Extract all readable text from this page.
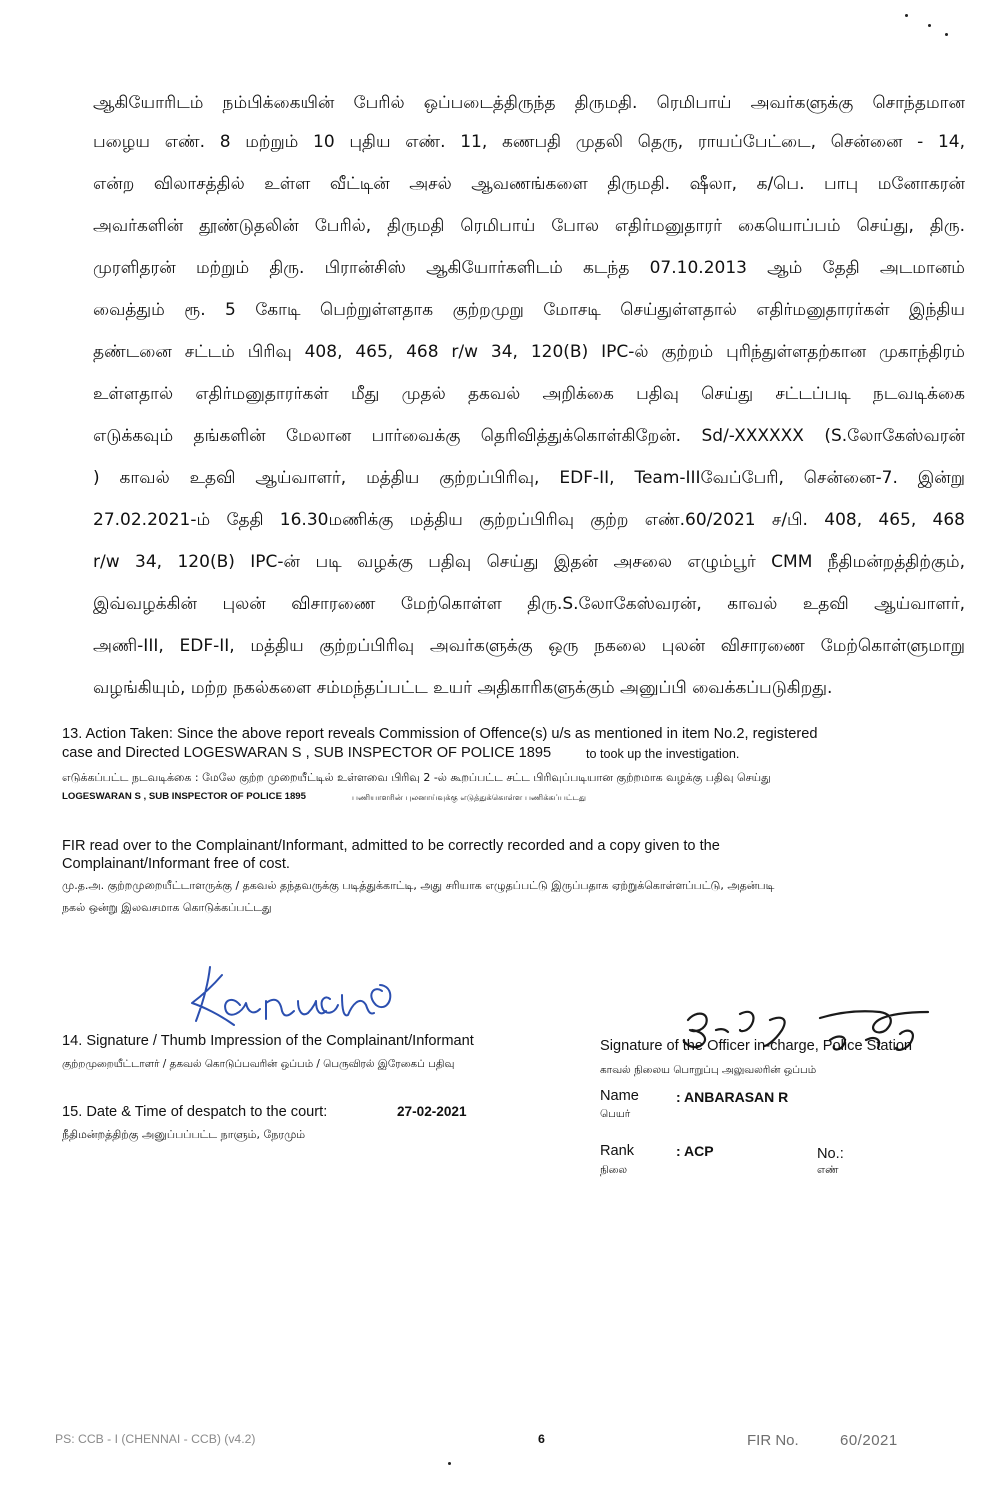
ஆகியோரிடம் நம்பிக்கையின் பேரில் ஒப்படைத்திருந்த திருமதி. ரெமிபாய் அவர்களுக்கு சொந்தமான
பழைய எண். 8 மற்றும் 10 புதிய எண். 11, கணபதி முதலி தெரு, ராயப்பேட்டை, சென்னை - 14,
என்ற விலாசத்தில் உள்ள வீட்டின் அசல் ஆவணங்களை திருமதி. ஷீலா, க/பெ. பாபு மனோகரன்
அவர்களின் தூண்டுதலின் பேரில், திருமதி ரெமிபாய் போல எதிர்மனுதாரர் கையொப்பம் செய்து, திரு.
முரளிதரன் மற்றும் திரு. பிரான்சிஸ் ஆகியோர்களிடம் கடந்த 07.10.2013 ஆம் தேதி அடமானம்
வைத்தும் ரூ. 5 கோடி பெற்றுள்ளதாக குற்றமுறு மோசடி செய்துள்ளதால் எதிர்மனுதாரர்கள் இந்திய
தண்டனை சட்டம் பிரிவு 408, 465, 468 r/w 34, 120(B) IPC-ல் குற்றம் புரிந்துள்ளதற்கான முகாந்திரம்
உள்ளதால் எதிர்மனுதாரர்கள் மீது முதல் தகவல் அறிக்கை பதிவு செய்து சட்டப்படி நடவடிக்கை
எடுக்கவும் தங்களின் மேலான பார்வைக்கு தெரிவித்துக்கொள்கிறேன். Sd/-XXXXXX (S.லோகேஸ்வரன்
) காவல் உதவி ஆய்வாளர், மத்திய குற்றப்பிரிவு, EDF-II, Team-IIIவேப்பேரி, சென்னை-7. இன்று
27.02.2021-ம் தேதி 16.30மணிக்கு மத்திய குற்றப்பிரிவு குற்ற எண்.60/2021 ச/பி. 408, 465, 468
r/w 34, 120(B) IPC-ன் படி வழக்கு பதிவு செய்து இதன் அசலை எழும்பூர் CMM நீதிமன்றத்திற்கும்,
இவ்வழக்கின் புலன் விசாரணை மேற்கொள்ள திரு.S.லோகேஸ்வரன், காவல் உதவி ஆய்வாளர்,
அணி-III, EDF-II, மத்திய குற்றப்பிரிவு அவர்களுக்கு ஒரு நகலை புலன் விசாரணை மேற்கொள்ளுமாறு
வழங்கியும், மற்ற நகல்களை சம்மந்தப்பட்ட உயர் அதிகாரிகளுக்கும் அனுப்பி வைக்கப்படுகிறது.
13. Action Taken: Since the above report reveals Commission of Offence(s) u/s as mentioned in item No.2, registered
case and Directed LOGESWARAN S , SUB INSPECTOR OF POLICE 1895	to took up the investigation.
எடுக்கப்பட்ட நடவடிக்கை : மேலே குற்ற முறையீட்டில் உள்ளவை பிரிவு 2 -ல் கூறப்பட்ட சட்ட பிரிவுப்படியான குற்றமாக வழக்கு பதிவு செய்து
LOGESWARAN S , SUB INSPECTOR OF POLICE 1895	பணியாளரின் புலனாய்வுக்கு எடுத்துக்கொள்ள பணிக்கப்பட்டது
FIR read over to the Complainant/Informant, admitted to be correctly recorded and a copy given to the
Complainant/Informant free of cost.
மு.த.அ. குற்றமுறையீட்டாளருக்கு / தகவல் தந்தவருக்கு படித்துக்காட்டி, அது சரியாக எழுதப்பட்டு இருப்பதாக ஏற்றுக்கொள்ளப்பட்டு, அதன்படி
நகல் ஒன்று இலவசமாக கொடுக்கப்பட்டது
14. Signature / Thumb Impression of the Complainant/Informant
குற்றமுறையீட்டாளர் / தகவல் கொடுப்பவரின் ஒப்பம் / பெருவிரல் இரேகைப் பதிவு
15. Date & Time of despatch to the court:	27-02-2021
நீதிமன்றத்திற்கு அனுப்பப்பட்ட நாளும், நேரமும்
Signature of the Officer in-charge, Police Station
காவல் நிலைய பொறுப்பு அலுவலரின் ஒப்பம்
Name
பெயர்
: ANBARASAN R
Rank
நிலை
: ACP	No.:
எண்
PS: CCB - I (CHENNAI - CCB) (v4.2)	6	FIR No.	60/2021
